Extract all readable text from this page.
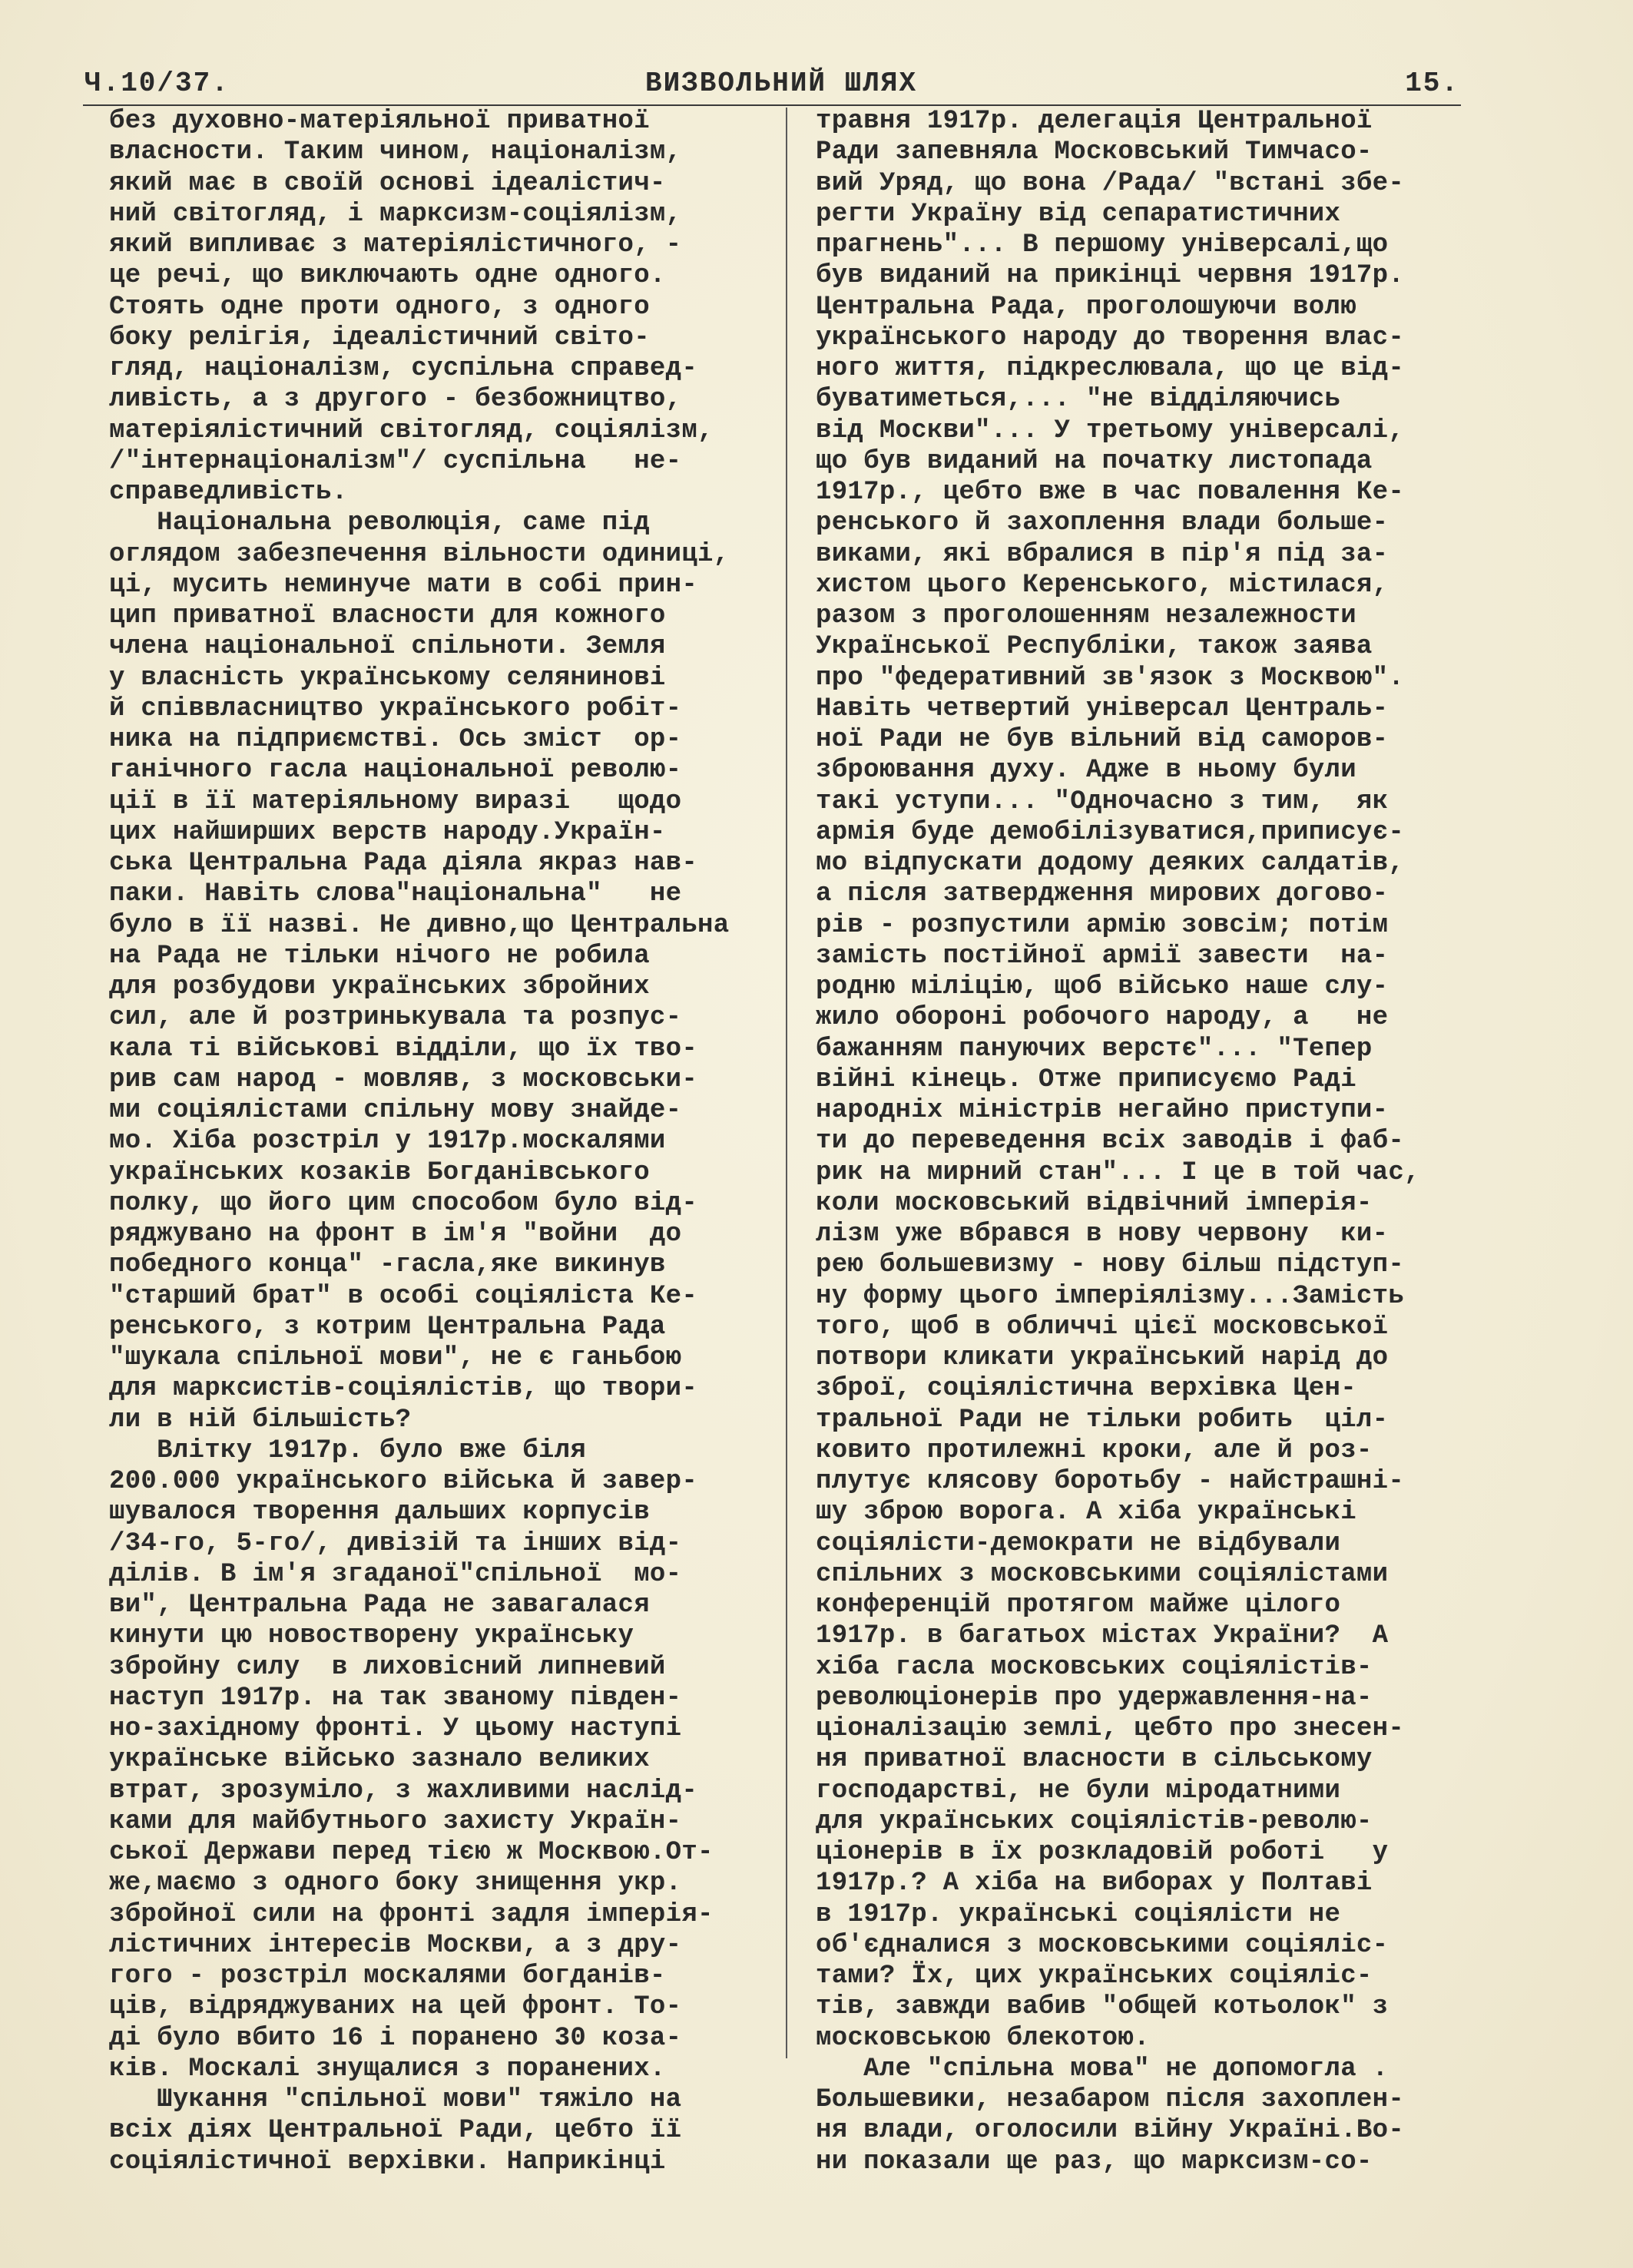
Ч.10/37.	ВИЗВОЛЬНИЙ ШЛЯХ	15.
без духовно-матеріяльної приватної
власности. Таким чином, націоналізм,
який має в своїй основі ідеалістич-
ний світогляд, і марксизм-соціялізм,
який випливає з матеріялістичного, -
це речі, що виключають одне одного.
Стоять одне проти одного, з одного
боку релігія, ідеалістичний світо-
гляд, націоналізм, суспільна справед-
ливість, а з другого - безбожництво,
матеріялістичний світогляд, соціялізм,
/"інтернаціоналізм"/ суспільна   не-
справедливість.
Національна революція, саме під
оглядом забезпечення вільности одиниці,
ці, мусить неминуче мати в собі прин-
цип приватної власности для кожного
члена національної спільноти. Земля
у власність українському селянинові
й співвласництво українського робіт-
ника на підприємстві. Ось зміст  ор-
ганічного гасла національної револю-
ції в її матеріяльному виразі   щодо
цих найширших верств народу.Україн-
ська Центральна Рада діяла якраз нав-
паки. Навіть слова"національна"   не
було в її назві. Не дивно,що Центральна
на Рада не тільки нічого не робила
для розбудови українських збройних
сил, але й розтринькувала та розпус-
кала ті військові відділи, що їх тво-
рив сам народ - мовляв, з московськи-
ми соціялістами спільну мову знайде-
мо. Хіба розстріл у 1917р.москалями
українських козаків Богданівського
полку, що його цим способом було від-
ряджувано на фронт в ім'я "войни  до
победного конца" -гасла,яке викинув
"старший брат" в особі соціяліста Ке-
ренського, з котрим Центральна Рада
"шукала спільної мови", не є ганьбою
для марксистів-соціялістів, що твори-
ли в ній більшість?
Влітку 1917р. було вже біля
200.000 українського війська й завер-
шувалося творення дальших корпусів
/34-го, 5-го/, дивізій та інших від-
ділів. В ім'я згаданої"спільної  мо-
ви", Центральна Рада не завагалася
кинути цю новостворену українську
збройну силу  в лиховісний липневий
наступ 1917р. на так званому півден-
но-західному фронті. У цьому наступі
українське військо зазнало великих
втрат, зрозуміло, з жахливими наслід-
ками для майбутнього захисту Україн-
ської Держави перед тією ж Москвою.От-
же,маємо з одного боку знищення укр.
збройної сили на фронті задля імперія-
лістичних інтересів Москви, а з дру-
гого - розстріл москалями богданів-
ців, відряджуваних на цей фронт. То-
ді було вбито 16 і поранено 30 коза-
ків. Москалі знущалися з поранених.
Шукання "спільної мови" тяжіло на
всіх діях Центральної Ради, цебто її
соціялістичної верхівки. Наприкінці
травня 1917р. делегація Центральної
Ради запевняла Московський Тимчасо-
вий Уряд, що вона /Рада/ "встані збе-
регти Україну від сепаратистичних
прагнень"... В першому універсалі,що
був виданий на прикінці червня 1917р.
Центральна Рада, проголошуючи волю
українського народу до творення влас-
ного життя, підкреслювала, що це від-
буватиметься,... "не відділяючись
від Москви"... У третьому універсалі,
що був виданий на початку листопада
1917р., цебто вже в час повалення Ке-
ренського й захоплення влади больше-
виками, які вбралися в пір'я під за-
хистом цього Керенського, містилася,
разом з проголошенням незалежности
Української Республіки, також заява
про "федеративний зв'язок з Москвою".
Навіть четвертий універсал Централь-
ної Ради не був вільний від саморов-
зброювання духу. Адже в ньому були
такі уступи... "Одночасно з тим,  як
армія буде демобілізуватися,приписує-
мо відпускати додому деяких салдатів,
а після затвердження мирових догово-
рів - розпустили армію зовсім; потім
замість постійної армії завести  на-
родню міліцію, щоб військо наше слу-
жило обороні робочого народу, а   не
бажанням пануючих верстє"... "Тепер
війні кінець. Отже приписуємо Раді
народніх міністрів негайно приступи-
ти до переведення всіх заводів і фаб-
рик на мирний стан"... І це в той час,
коли московський відвічний імперія-
лізм уже вбрався в нову червону  ки-
рею большевизму - нову більш підступ-
ну форму цього імперіялізму...Замість
того, щоб в обличчі цієї московської
потвори кликати український нарід до
зброї, соціялістична верхівка Цен-
тральної Ради не тільки робить  ціл-
ковито протилежні кроки, але й роз-
плутує клясову боротьбу - найстрашні-
шу зброю ворога. А хіба українські
соціялісти-демократи не відбували
спільних з московськими соціялістами
конференцій протягом майже цілого
1917р. в багатьох містах України?  А
хіба гасла московських соціялістів-
революціонерів про удержавлення-на-
ціоналізацію землі, цебто про знесен-
ня приватної власности в сільському
господарстві, не були міродатними
для українських соціялістів-револю-
ціонерів в їх розкладовій роботі   у
1917р.? А хіба на виборах у Полтаві
в 1917р. українські соціялісти не
об'єдналися з московськими соціяліс-
тами? Їх, цих українських соціяліс-
тів, завжди вабив "общей котьолок" з
московською блекотою.
Але "спільна мова" не допомогла .
Большевики, незабаром після захоплен-
ня влади, оголосили війну Україні.Во-
ни показали ще раз, що марксизм-со-
